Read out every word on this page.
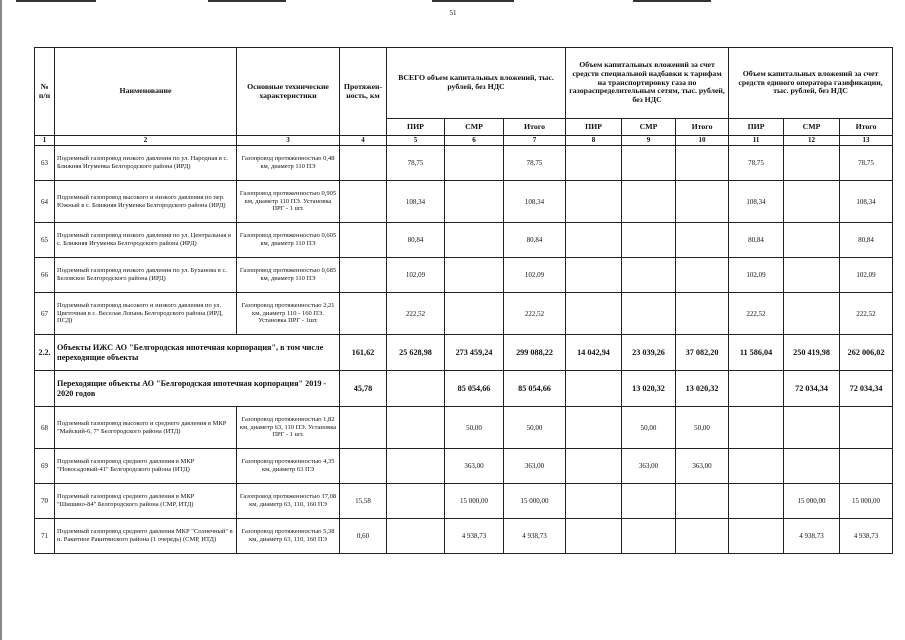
51
№ п/п	Наименование	Основные технические характеристики	Протяжен-ность, км	ВСЕГО объем капитальных вложений, тыс. рублей, без НДС			Объем капитальных вложений за счет средств специальной надбавки к тарифам на транспортировку газа по газораспределительным сетям, тыс. рублей, без НДС			Объем капитальных вложений за счет средств единого оператора газификации, тыс. рублей, без НДС		
				ПИР	СМР	Итого	ПИР	СМР	Итого	ПИР	СМР	Итого
1	2	3	4	5	6	7	8	9	10	11	12	13
63	Подземный газопровод низкого давления по ул. Народная в с. Ближняя Игуменка Белгородского района (ИРД)	Газопровод протяженностью 0,48 км, диаметр 110 ПЭ		78,75		78,75				78,75		78,75
64	Подземный газопровод высокого и низкого давления по пер. Южный в с. Ближняя Игуменка Белгородского района (ИРД)	Газопровод протяженностью 0,905 км, диаметр 110 ПЭ. Установка ПРГ - 1 шт.		108,34		108,34				108,34		108,34
65	Подземный газопровод низкого давления по ул. Центральная в с. Ближняя Игуменка Белгородского района (ИРД)	Газопровод протяженностью 0,605 км, диаметр 110 ПЭ		80,84		80,84				80,84		80,84
66	Подземный газопровод низкого давления по ул. Буханова в с. Беловское Белгородского района (ИРД)	Газопровод протяженностью 0,685 км, диаметр 110 ПЭ		102,09		102,09				102,09		102,09
67	Подземный газопровод высокого и низкого давления по ул. Цветочная в с. Веселая Лопань Белгородского района (ИРД, ПСД)	Газопровод протяженностью 2,21 км, диаметр 110 - 160 ПЭ. Установка ПРГ - 1шт.		222,52		222,52				222,52		222,52
2.2.	Объекты ИЖС АО "Белгородская ипотечная корпорация", в том числе переходящие объекты		161,62	25 628,98	273 459,24	299 088,22	14 042,94	23 039,26	37 082,20	11 586,04	250 419,98	262 006,02
	Переходящие объекты АО "Белгородская ипотечная корпорация" 2019 - 2020 годов		45,78		85 054,66	85 054,66		13 020,32	13 020,32		72 034,34	72 034,34
68	Подземный газопровод высокого и среднего давления в МКР "Майский-6, 7" Белгородского района (ИТД)	Газопровод протяженностью 1,82 км, диаметр 63, 110 ПЭ. Установка ПРГ - 1 шт.			50,00	50,00		50,00	50,00			
69	Подземный газопровод среднего давления в МКР "Новосадовый-41" Белгородского района (ИТД)	Газопровод протяженностью 4,35 км, диаметр 63 ПЭ			363,00	363,00		363,00	363,00			
70	Подземный газопровод среднего давления в МКР "Шишино-84" Белгородского района (СМР, ИТД)	Газопровод протяженностью 17,08 км, диаметр 63, 110, 160 ПЭ	15,58		15 000,00	15 000,00					15 000,00	15 000,00
71	Подземный газопровод среднего давления МКР "Солнечный" в п. Ракитное Ракитянского района (1 очередь) (СМР, ИТД)	Газопровод протяженностью 5,38 км, диаметр 63, 110, 160 ПЭ	0,60		4 938,73	4 938,73					4 938,73	4 938,73
